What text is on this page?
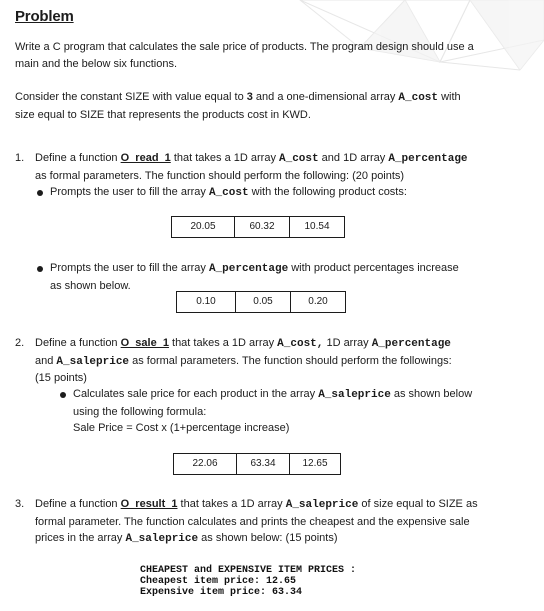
Problem
Write a C program that calculates the sale price of products. The program design should use a
main and the below six functions.
Consider the constant SIZE with value equal to 3 and a one-dimensional array A_cost with
size equal to SIZE that represents the products cost in KWD.
1. Define a function O_read_1 that takes a 1D array A_cost and 1D array A_percentage
as formal parameters. The function should perform the following: (20 points)
Prompts the user to fill the array A_cost with the following product costs:
20.05	60.32	10.54
Prompts the user to fill the array A_percentage with product percentages increase
as shown below.
0.10	0.05	0.20
2. Define a function O_sale_1 that takes a 1D array A_cost, 1D array A_percentage
and A_saleprice as formal parameters. The function should perform the followings:
(15 points)
Calculates sale price for each product in the array A_saleprice as shown below
using the following formula:
Sale Price = Cost x (1+percentage increase)
22.06	63.34	12.65
3. Define a function O_result_1 that takes a 1D array A_saleprice of size equal to SIZE as
formal parameter. The function calculates and prints the cheapest and the expensive sale
prices in the array A_saleprice as shown below: (15 points)
CHEAPEST and EXPENSIVE ITEM PRICES :
Cheapest item price: 12.65
Expensive item price: 63.34
